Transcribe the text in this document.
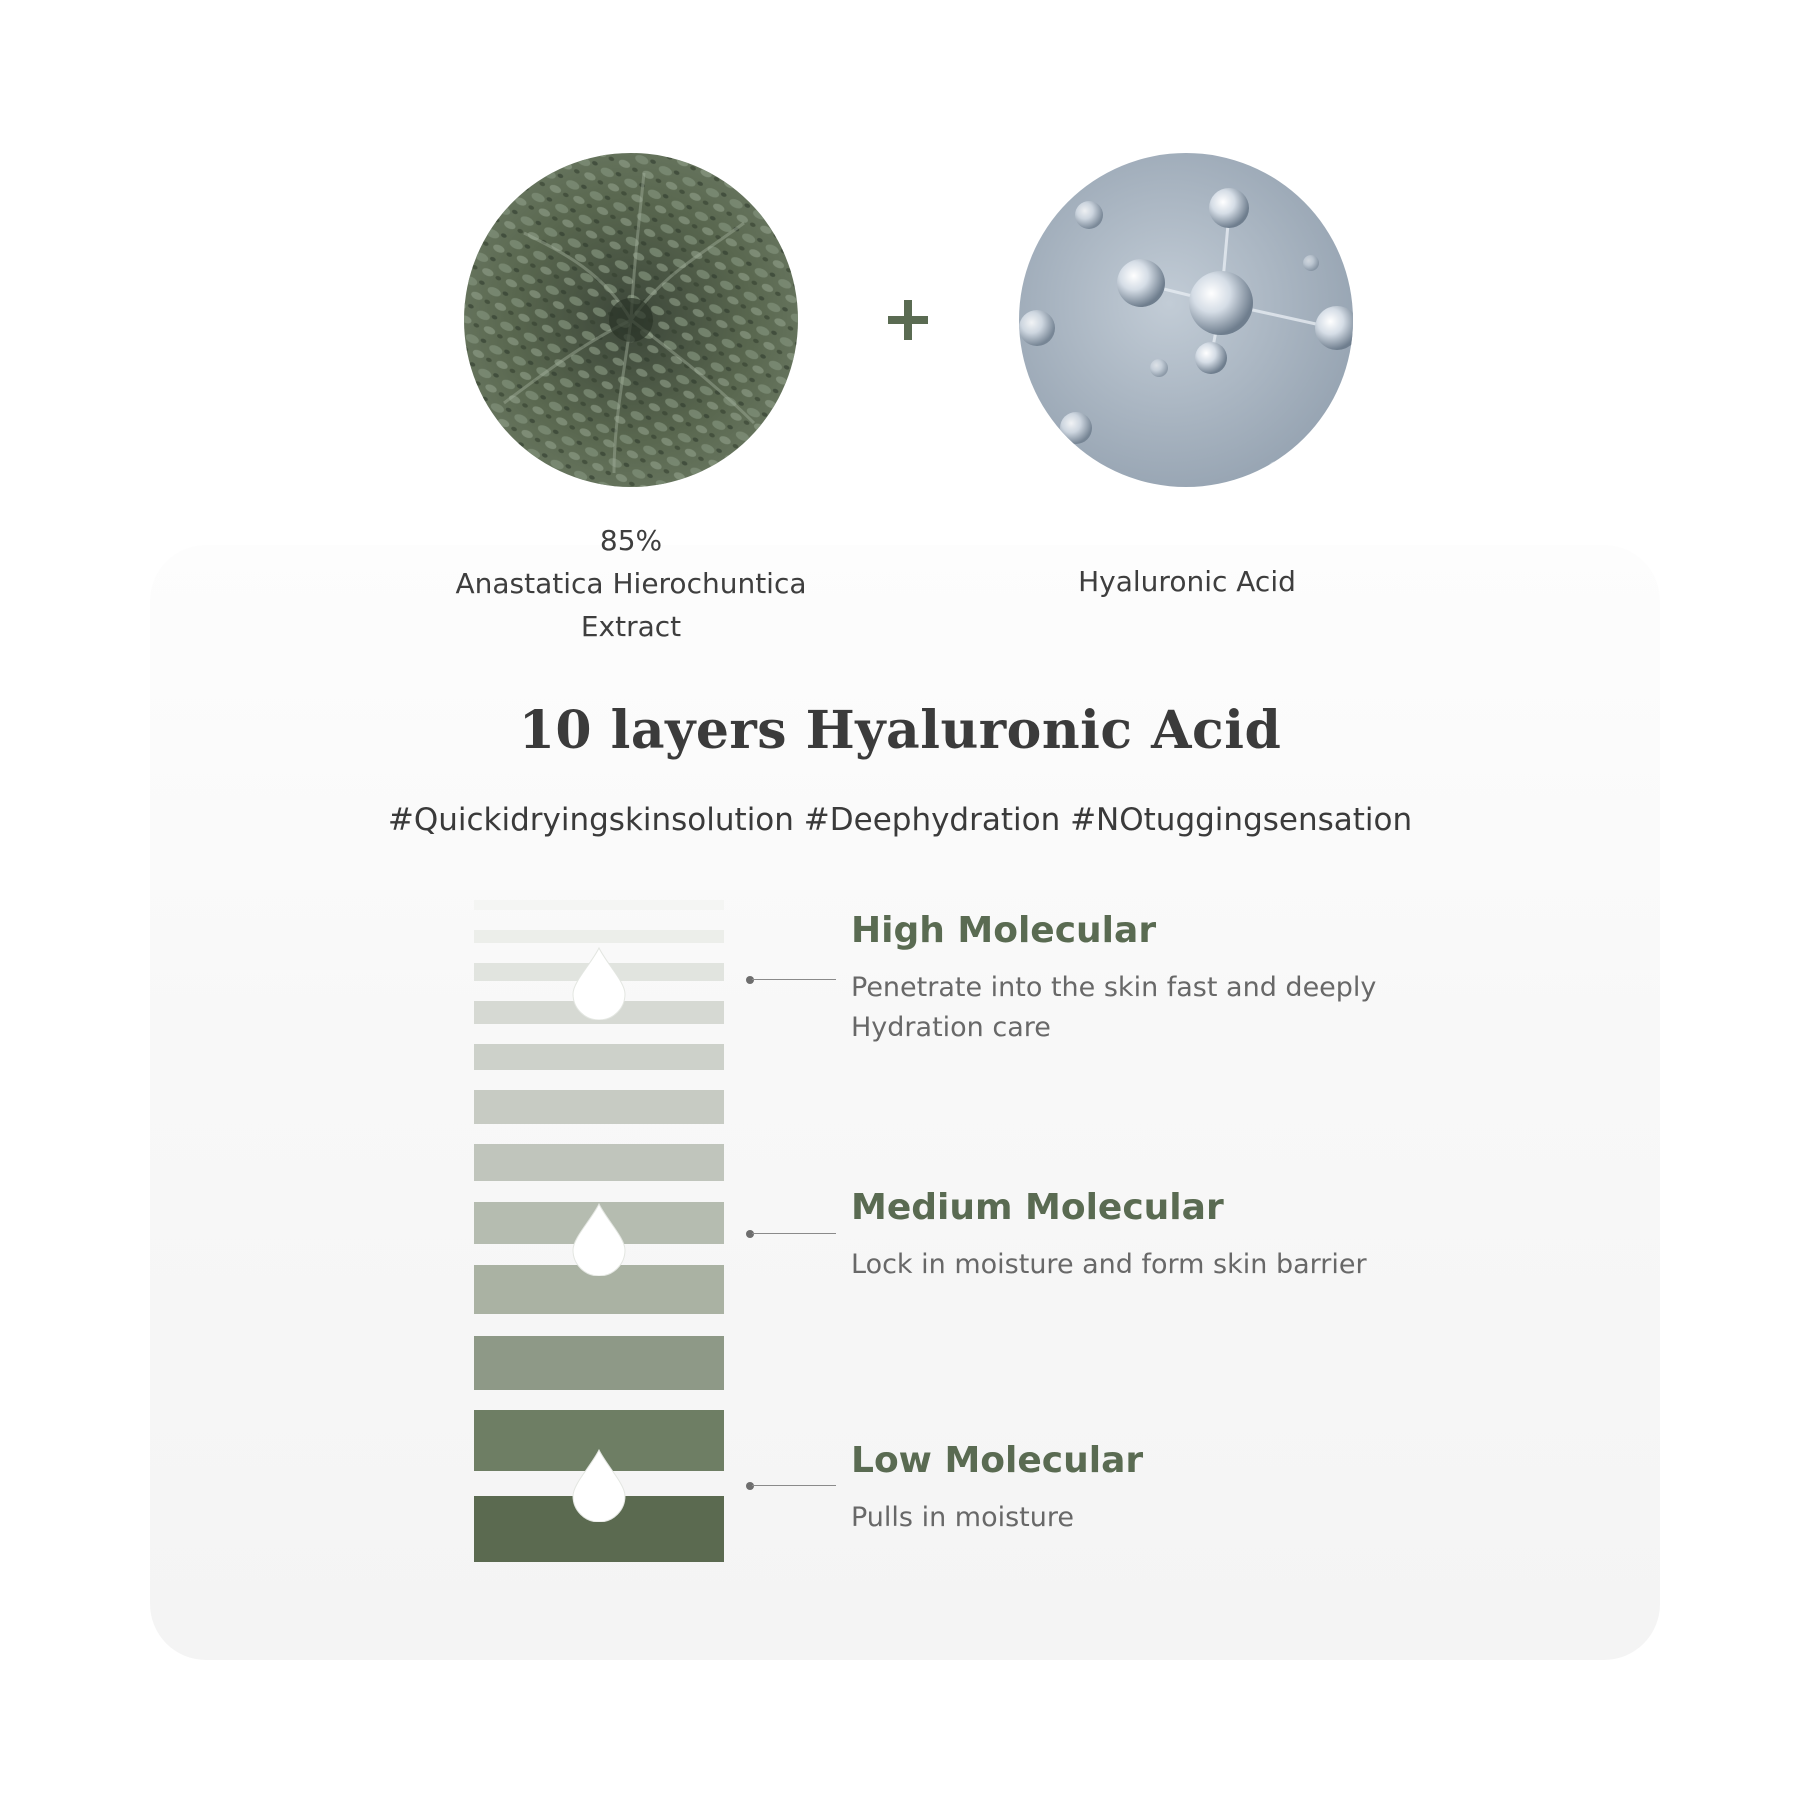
85%
Anastatica Hierochuntica
Extract
Hyaluronic Acid
10 layers Hyaluronic Acid
#Quickidryingskinsolution #Deephydration #NOtuggingsensation
High Molecular
Penetrate into the skin fast and deeply
Hydration care
Medium Molecular
Lock in moisture and form skin barrier
Low Molecular
Pulls in moisture
